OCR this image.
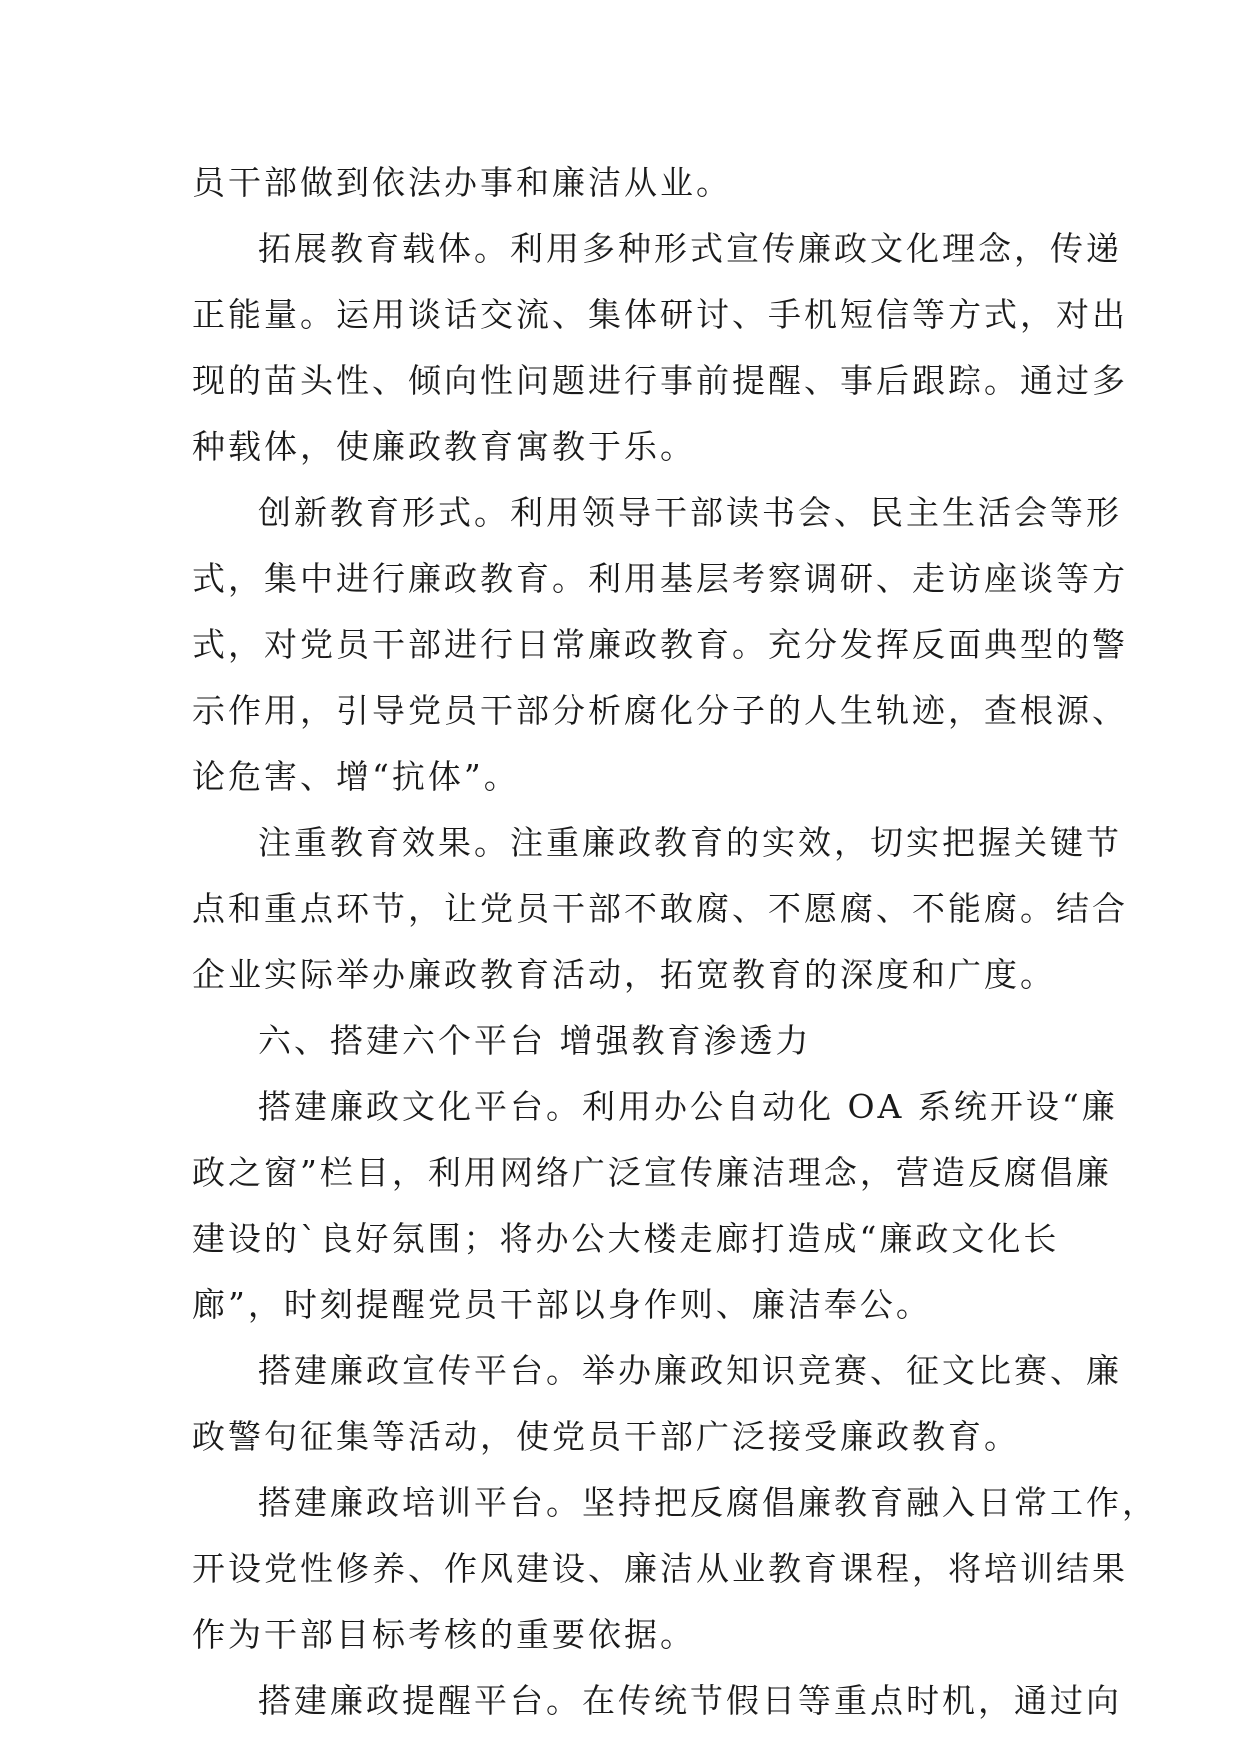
员干部做到依法办事和廉洁从业。
拓展教育载体。利用多种形式宣传廉政文化理念，传递
正能量。运用谈话交流、集体研讨、手机短信等方式，对出
现的苗头性、倾向性问题进行事前提醒、事后跟踪。通过多
种载体，使廉政教育寓教于乐。
创新教育形式。利用领导干部读书会、民主生活会等形
式，集中进行廉政教育。利用基层考察调研、走访座谈等方
式，对党员干部进行日常廉政教育。充分发挥反面典型的警
示作用，引导党员干部分析腐化分子的人生轨迹，查根源、
论危害、增“抗体”。
注重教育效果。注重廉政教育的实效，切实把握关键节
点和重点环节，让党员干部不敢腐、不愿腐、不能腐。结合
企业实际举办廉政教育活动，拓宽教育的深度和广度。
六、搭建六个平台 增强教育渗透力
搭建廉政文化平台。利用办公自动化 OA 系统开设“廉
政之窗”栏目，利用网络广泛宣传廉洁理念，营造反腐倡廉
建设的`良好氛围；将办公大楼走廊打造成“廉政文化长
廊”，时刻提醒党员干部以身作则、廉洁奉公。
搭建廉政宣传平台。举办廉政知识竞赛、征文比赛、廉
政警句征集等活动，使党员干部广泛接受廉政教育。
搭建廉政培训平台。坚持把反腐倡廉教育融入日常工作，
开设党性修养、作风建设、廉洁从业教育课程，将培训结果
作为干部目标考核的重要依据。
搭建廉政提醒平台。在传统节假日等重点时机，通过向
